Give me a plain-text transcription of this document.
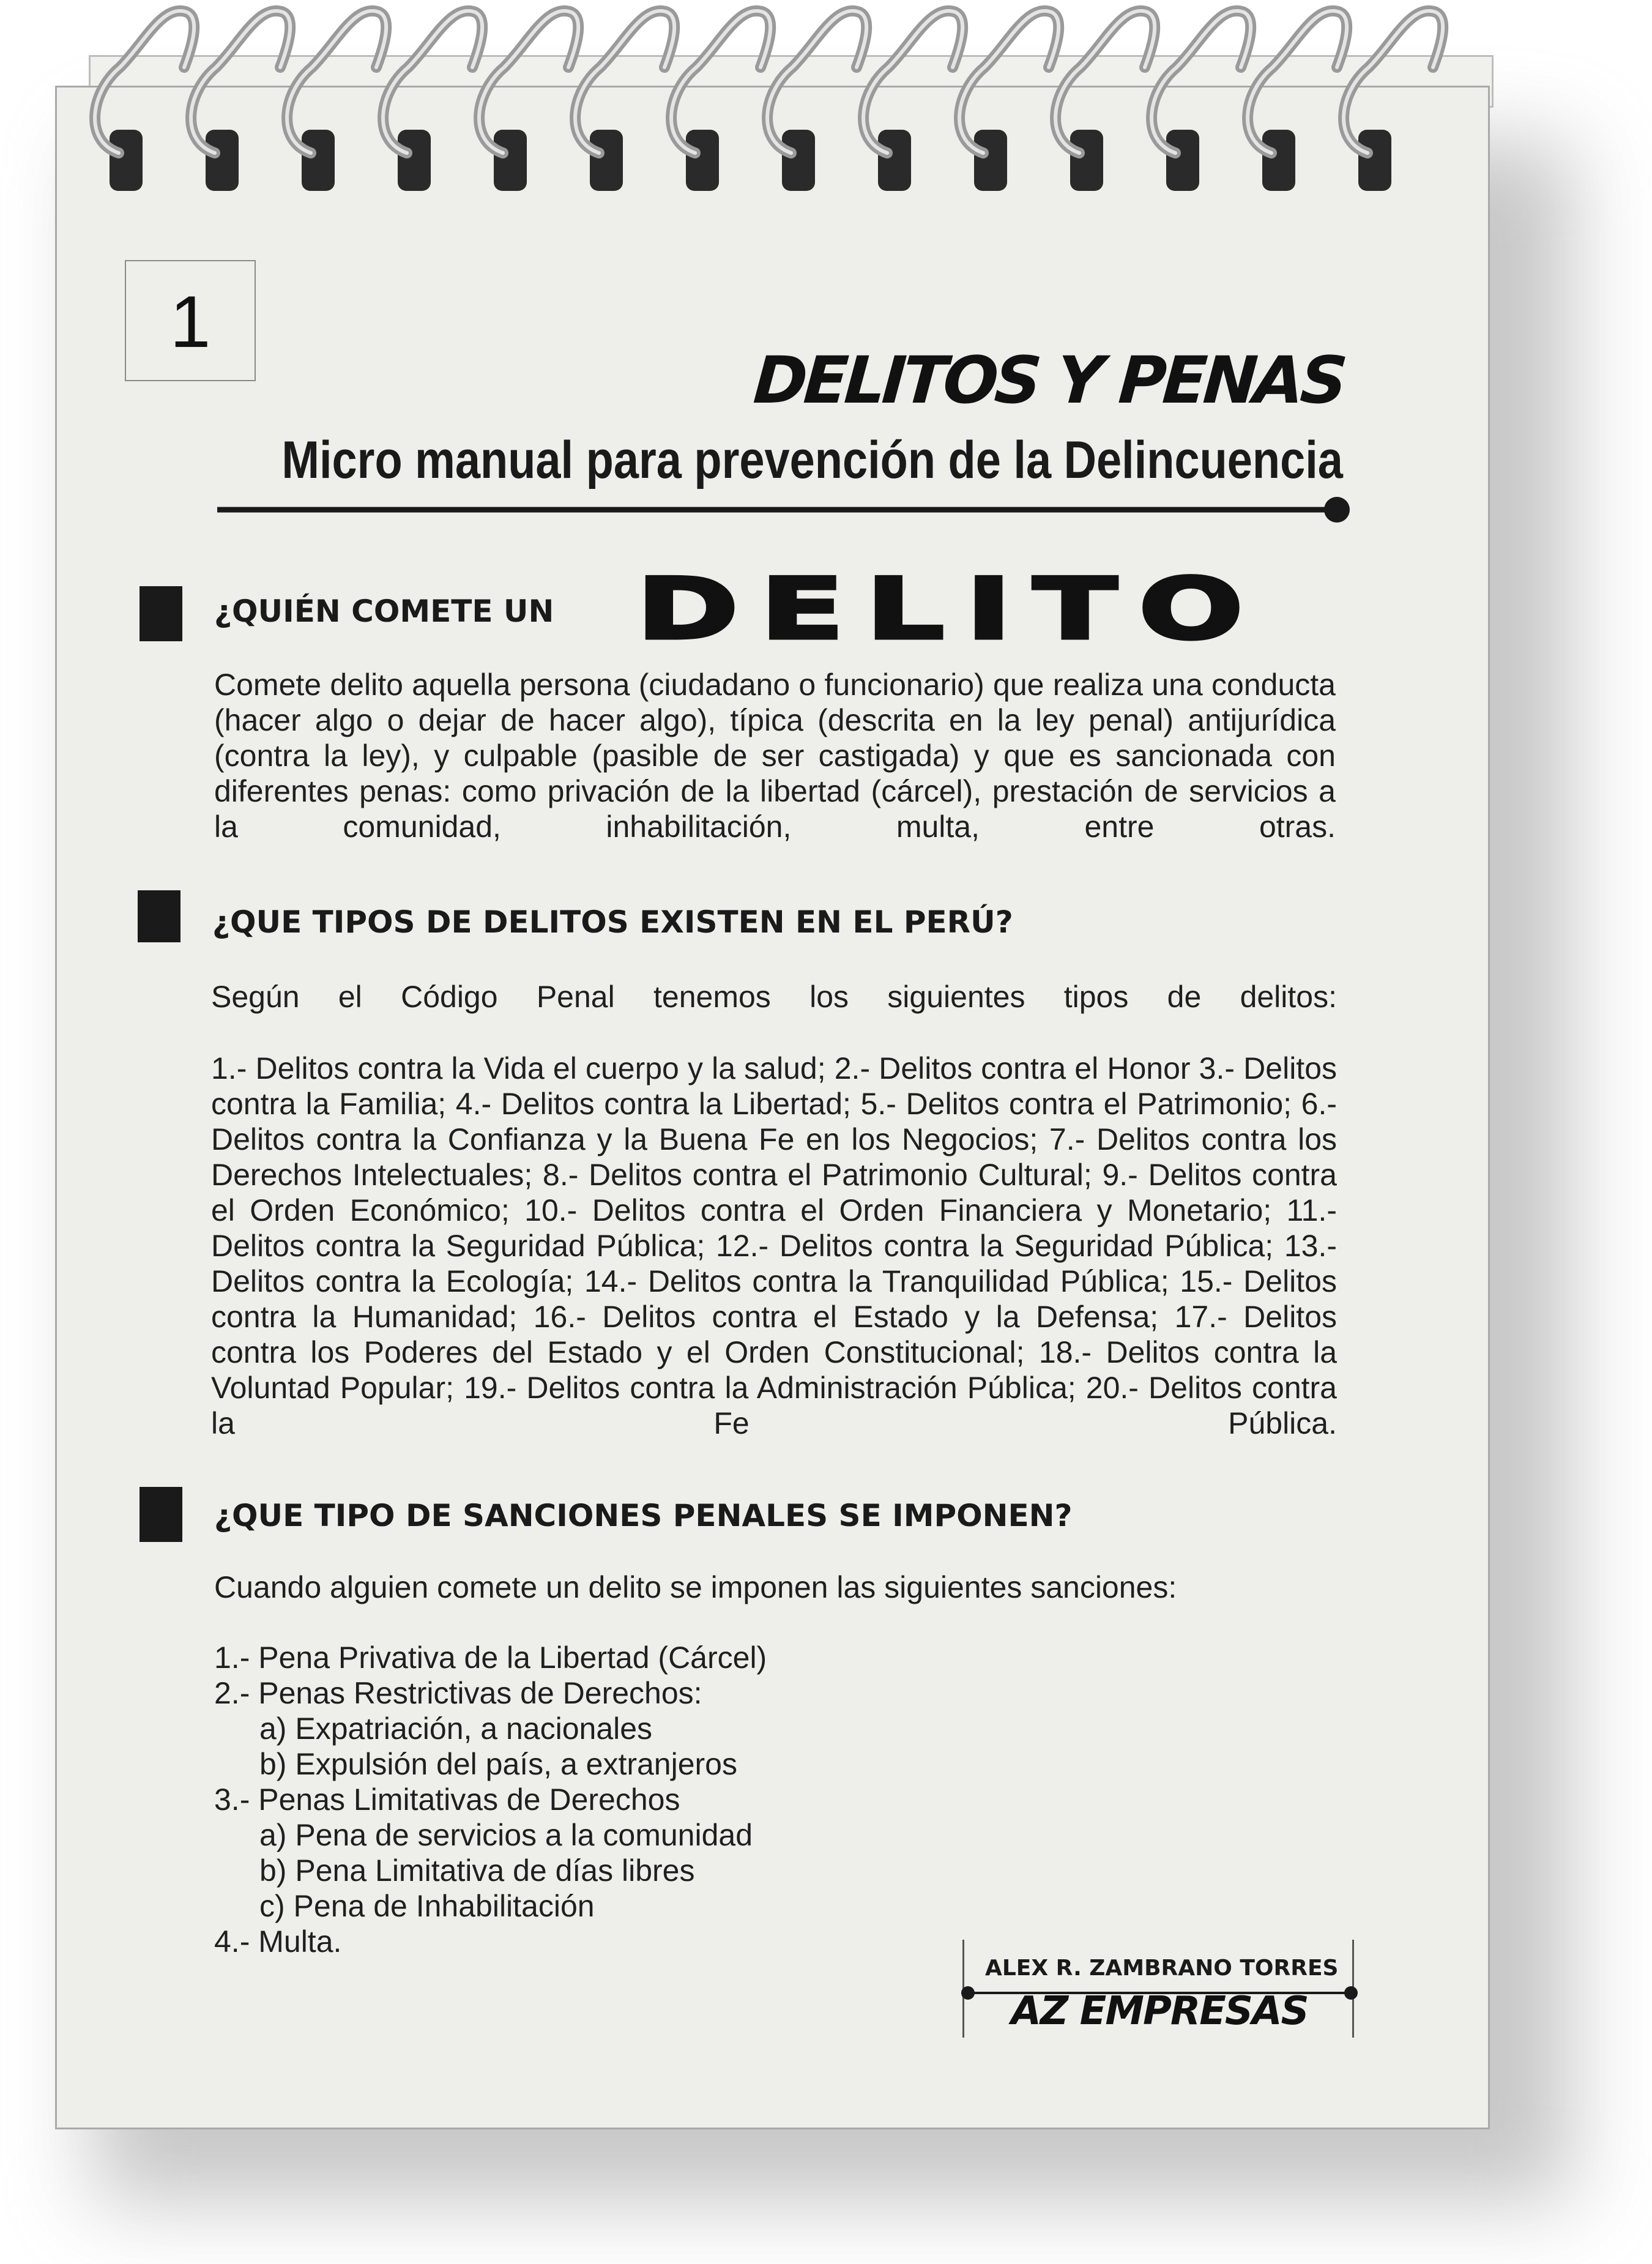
1
DELITOS Y PENAS
Micro manual para prevención de la Delincuencia
¿QUIÉN COMETE UN DELITO

Comete delito aquella persona (ciudadano o funcionario) que realiza una conducta (hacer algo o dejar de hacer algo), típica (descrita en la ley penal) antijurídica (contra la ley), y culpable (pasible de ser castigada) y que es sancionada con diferentes penas: como privación de la libertad (cárcel), prestación de servicios a la comunidad, inhabilitación, multa, entre otras.

¿QUE TIPOS DE DELITOS EXISTEN EN EL PERÚ?

Según el Código Penal tenemos los siguientes tipos de delitos:

1.- Delitos contra la Vida el cuerpo y la salud; 2.- Delitos contra el Honor 3.- Delitos contra la Familia; 4.- Delitos contra la Libertad; 5.- Delitos contra el Patrimonio; 6.- Delitos contra la Confianza y la Buena Fe en los Negocios; 7.- Delitos contra los Derechos Intelectuales; 8.- Delitos contra el Patrimonio Cultural; 9.- Delitos contra el Orden Económico; 10.- Delitos contra el Orden Financiera y Monetario; 11.- Delitos contra la Seguridad Pública; 12.- Delitos contra la Seguridad Pública; 13.- Delitos contra la Ecología; 14.- Delitos contra la Tranquilidad Pública; 15.- Delitos contra la Humanidad; 16.- Delitos contra el Estado y la Defensa; 17.- Delitos contra los Poderes del Estado y el Orden Constitucional; 18.- Delitos contra la Voluntad Popular; 19.- Delitos contra la Administración Pública; 20.- Delitos contra la Fe Pública.

¿QUE TIPO DE SANCIONES PENALES SE IMPONEN?

Cuando alguien comete un delito se imponen las siguientes sanciones:

1.- Pena Privativa de la Libertad (Cárcel)
2.- Penas Restrictivas de Derechos:
a) Expatriación, a nacionales
b) Expulsión del país, a extranjeros
3.- Penas Limitativas de Derechos
a) Pena de servicios a la comunidad
b) Pena Limitativa de días libres
c) Pena de Inhabilitación
4.- Multa.

ALEX R. ZAMBRANO TORRES

AZ EMPRESAS
